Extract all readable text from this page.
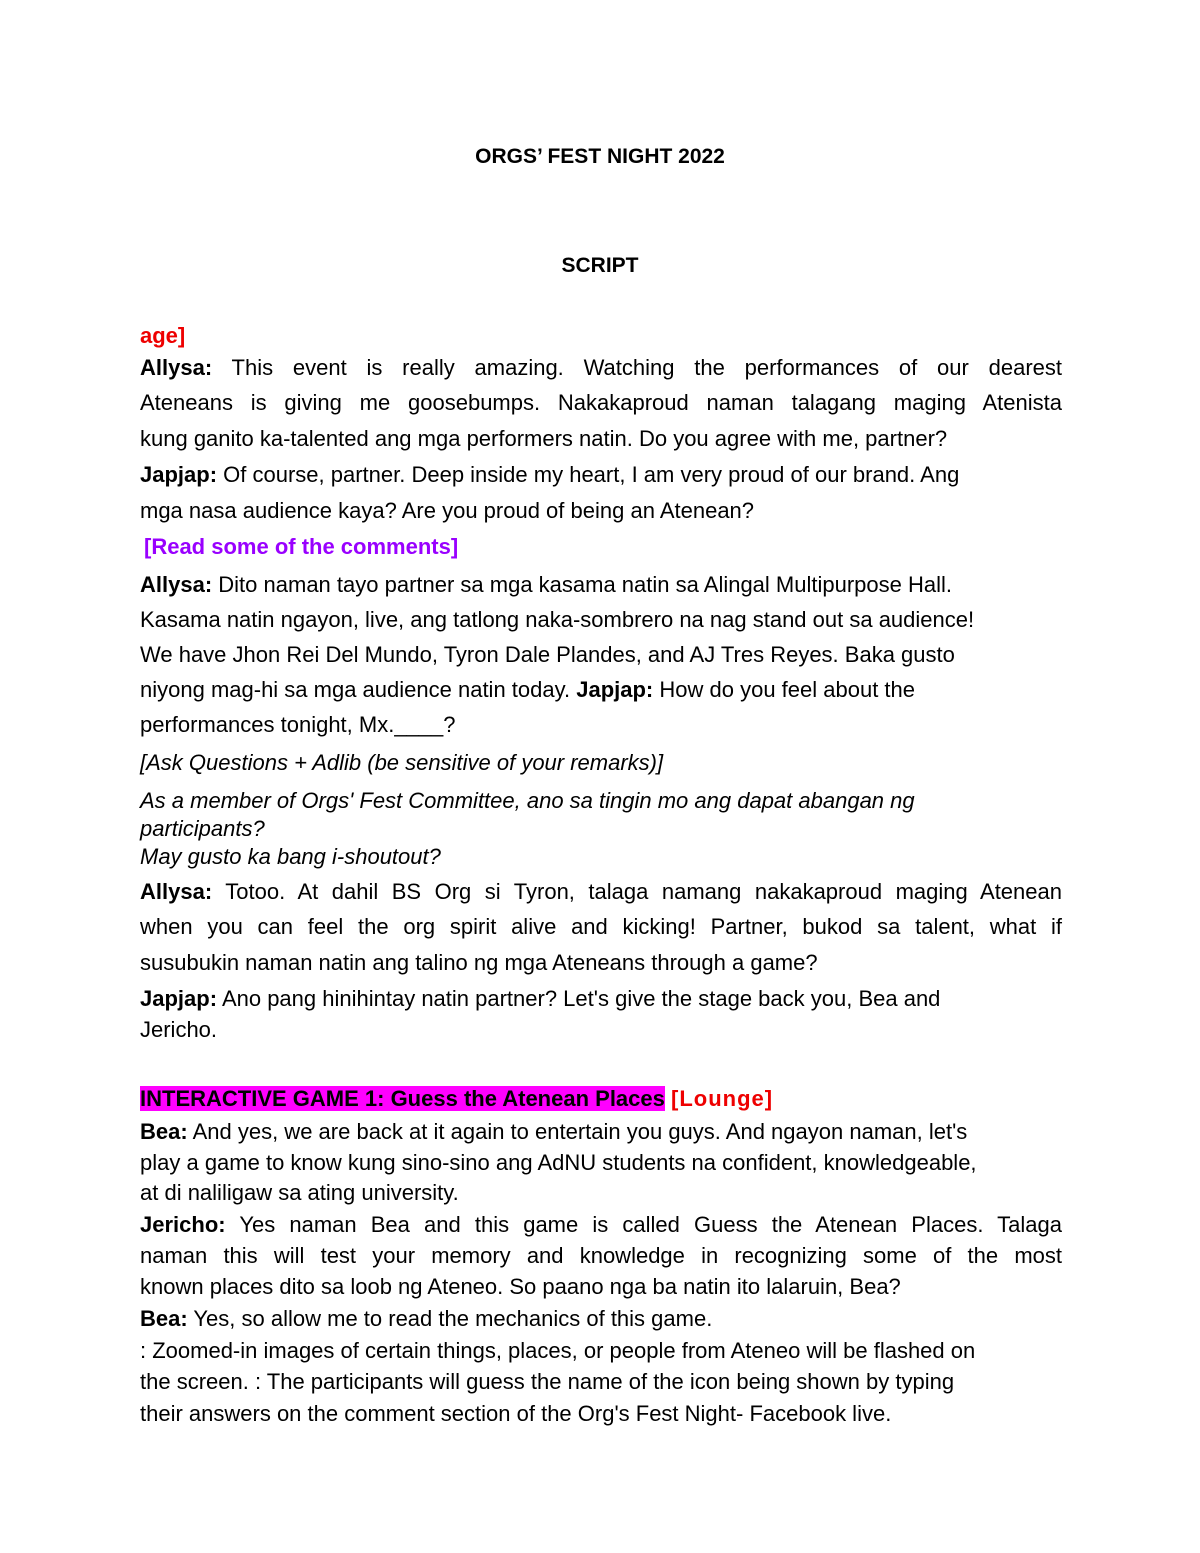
ORGS’ FEST NIGHT 2022
SCRIPT
age]
Allysa: This event is really amazing. Watching the performances of our dearest
Ateneans is giving me goosebumps. Nakakaproud naman talagang maging Atenista
kung ganito ka-talented ang mga performers natin. Do you agree with me, partner?
Japjap: Of course, partner. Deep inside my heart, I am very proud of our brand. Ang
mga nasa audience kaya? Are you proud of being an Atenean?
[Read some of the comments]
Allysa: Dito naman tayo partner sa mga kasama natin sa Alingal Multipurpose Hall.
Kasama natin ngayon, live, ang tatlong naka-sombrero na nag stand out sa audience!
We have Jhon Rei Del Mundo, Tyron Dale Plandes, and AJ Tres Reyes. Baka gusto
niyong mag-hi sa mga audience natin today. Japjap: How do you feel about the
performances tonight, Mx.____?
[Ask Questions + Adlib (be sensitive of your remarks)]
As a member of Orgs' Fest Committee, ano sa tingin mo ang dapat abangan ng
participants?
May gusto ka bang i-shoutout?
Allysa: Totoo. At dahil BS Org si Tyron, talaga namang nakakaproud maging Atenean
when you can feel the org spirit alive and kicking! Partner, bukod sa talent, what if
susubukin naman natin ang talino ng mga Ateneans through a game?
Japjap: Ano pang hinihintay natin partner? Let's give the stage back you, Bea and
Jericho.
INTERACTIVE GAME 1: Guess the Atenean Places [Lounge]
Bea: And yes, we are back at it again to entertain you guys. And ngayon naman, let's
play a game to know kung sino-sino ang AdNU students na confident, knowledgeable,
at di naliligaw sa ating university.
Jericho: Yes naman Bea and this game is called Guess the Atenean Places. Talaga
naman this will test your memory and knowledge in recognizing some of the most
known places dito sa loob ng Ateneo. So paano nga ba natin ito lalaruin, Bea?
Bea: Yes, so allow me to read the mechanics of this game.
: Zoomed-in images of certain things, places, or people from Ateneo will be flashed on
the screen. : The participants will guess the name of the icon being shown by typing
their answers on the comment section of the Org's Fest Night- Facebook live.
